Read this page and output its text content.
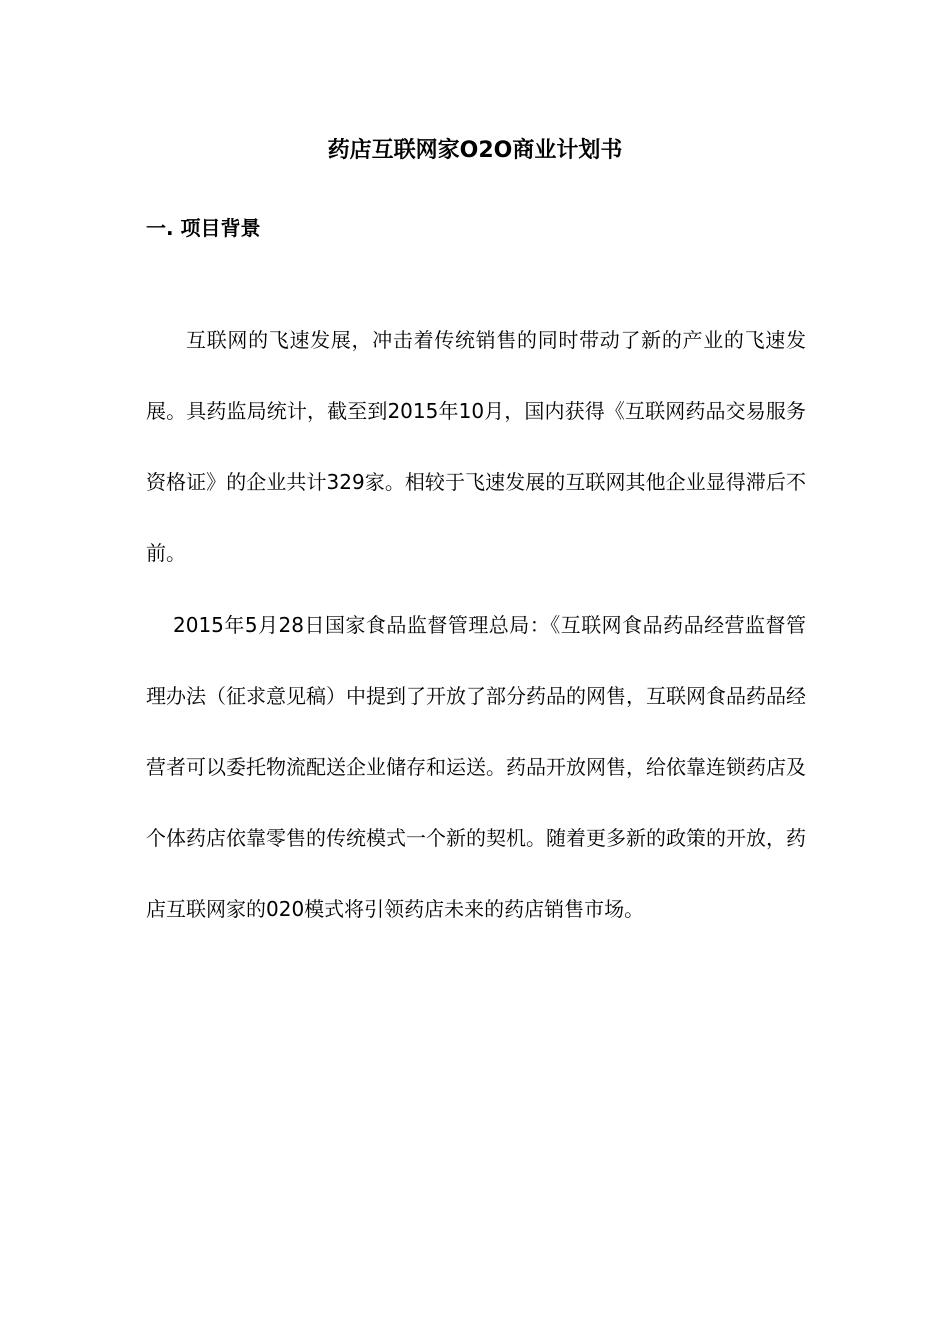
药店互联网家O2O商业计划书
一. 项目背景

互联网的飞速发展，冲击着传统销售的同时带动了新的产业的飞速发展。具药监局统计，截至到2015年10月，国内获得《互联网药品交易服务资格证》的企业共计329家。相较于飞速发展的互联网其他企业显得滞后不前。

2015年5月28日国家食品监督管理总局：《互联网食品药品经营监督管理办法（征求意见稿）中提到了开放了部分药品的网售，互联网食品药品经营者可以委托物流配送企业储存和运送。药品开放网售，给依靠连锁药店及个体药店依靠零售的传统模式一个新的契机。随着更多新的政策的开放，药店互联网家的020模式将引领药店未来的药店销售市场。
